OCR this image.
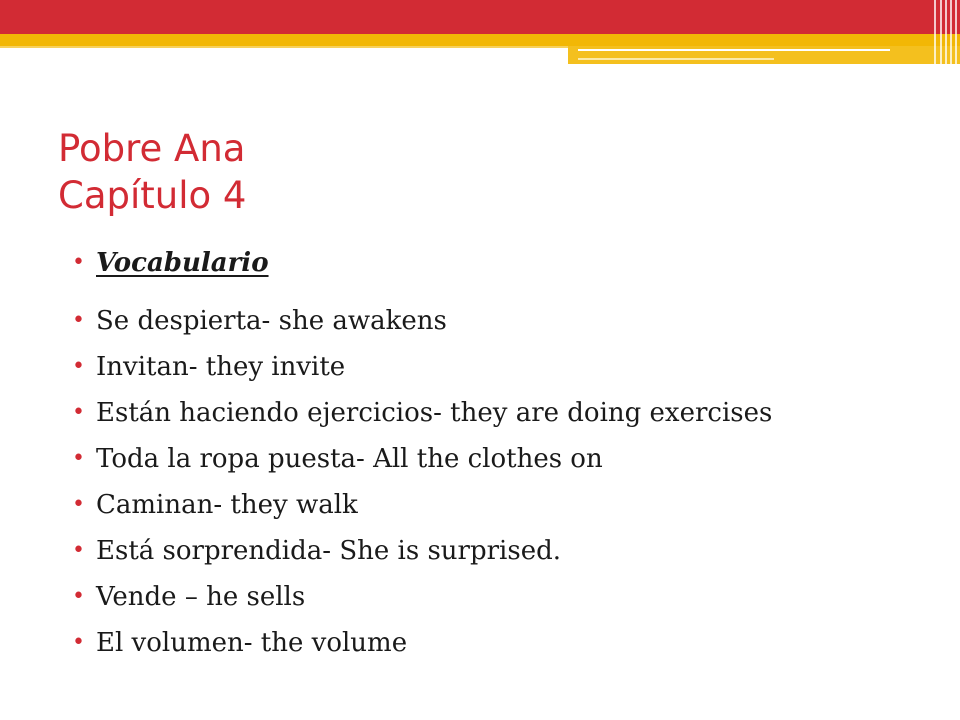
Pobre Ana
Capítulo 4
• Vocabulario
• Se despierta- she awakens
• Invitan- they invite
• Están haciendo ejercicios- they are doing exercises
• Toda la ropa puesta- All the clothes on
• Caminan- they walk
• Está sorprendida- She is surprised.
• Vende – he sells
• El volumen- the volume
